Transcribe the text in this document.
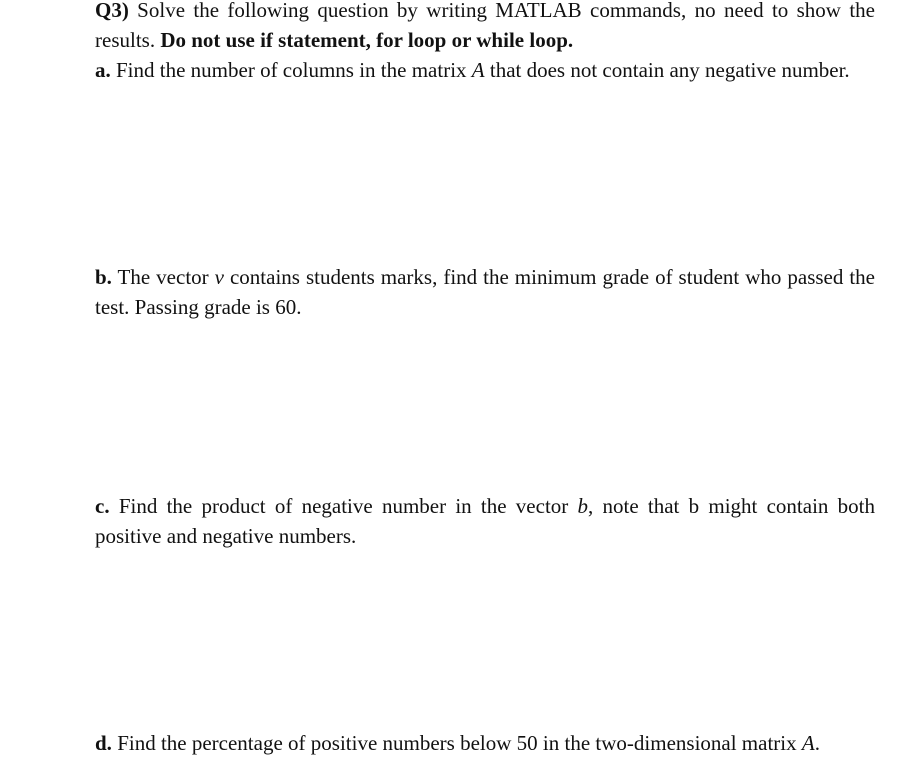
Q3) Solve the following question by writing MATLAB commands, no need to show the results. Do not use if statement, for loop or while loop.
a. Find the number of columns in the matrix A that does not contain any negative number.
b. The vector v contains students marks, find the minimum grade of student who passed the test. Passing grade is 60.
c. Find the product of negative number in the vector b, note that b might contain both positive and negative numbers.
d. Find the percentage of positive numbers below 50 in the two-dimensional matrix A.
